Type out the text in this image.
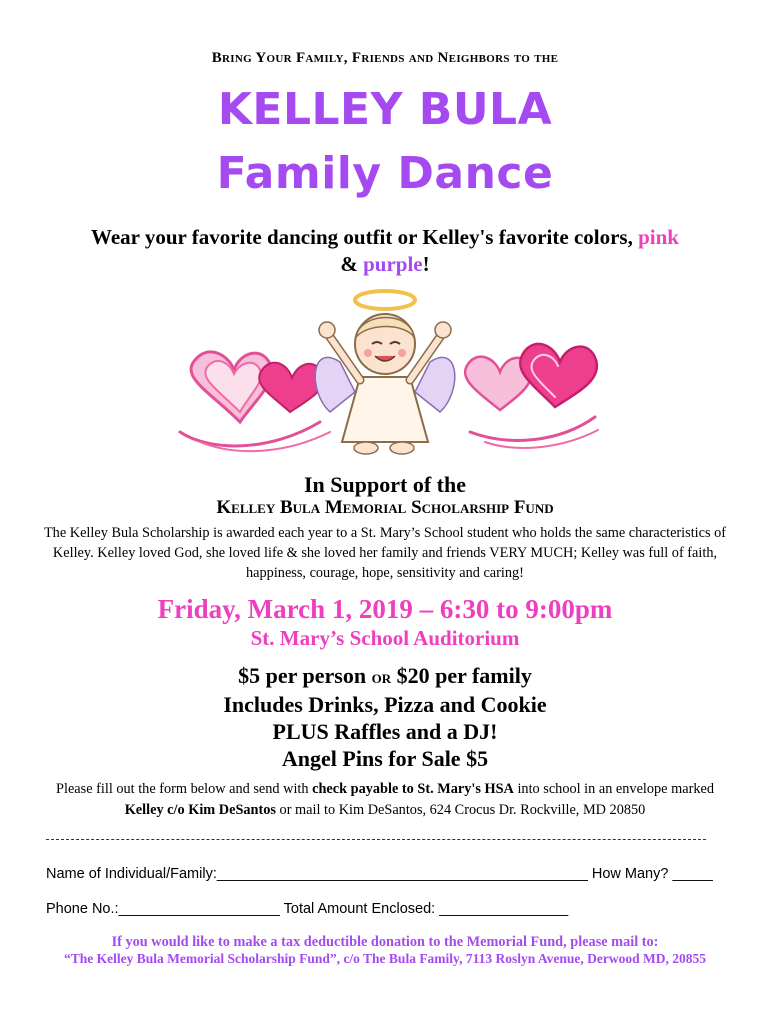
Bring Your Family, Friends and Neighbors to the
KELLEY BULA
Family Dance
Wear your favorite dancing outfit or Kelley's favorite colors, pink
& purple!
In Support of the
Kelley Bula Memorial Scholarship Fund
The Kelley Bula Scholarship is awarded each year to a St. Mary’s School student who holds the same characteristics of Kelley. Kelley loved God, she loved life & she loved her family and friends VERY MUCH; Kelley was full of faith, happiness, courage, hope, sensitivity and caring!
Friday, March 1, 2019 – 6:30 to 9:00pm
St. Mary’s School Auditorium
$5 per person or $20 per family
Includes Drinks, Pizza and Cookie
PLUS Raffles and a DJ!
Angel Pins for Sale $5
Please fill out the form below and send with check payable to St. Mary's HSA into school in an envelope marked Kelley c/o Kim DeSantos or mail to Kim DeSantos, 624 Crocus Dr. Rockville, MD 20850
Name of Individual/Family:______________________________________________ How Many? _____
Phone No.:____________________ Total Amount Enclosed: ________________
If you would like to make a tax deductible donation to the Memorial Fund, please mail to:
“The Kelley Bula Memorial Scholarship Fund”, c/o The Bula Family, 7113 Roslyn Avenue, Derwood MD, 20855
